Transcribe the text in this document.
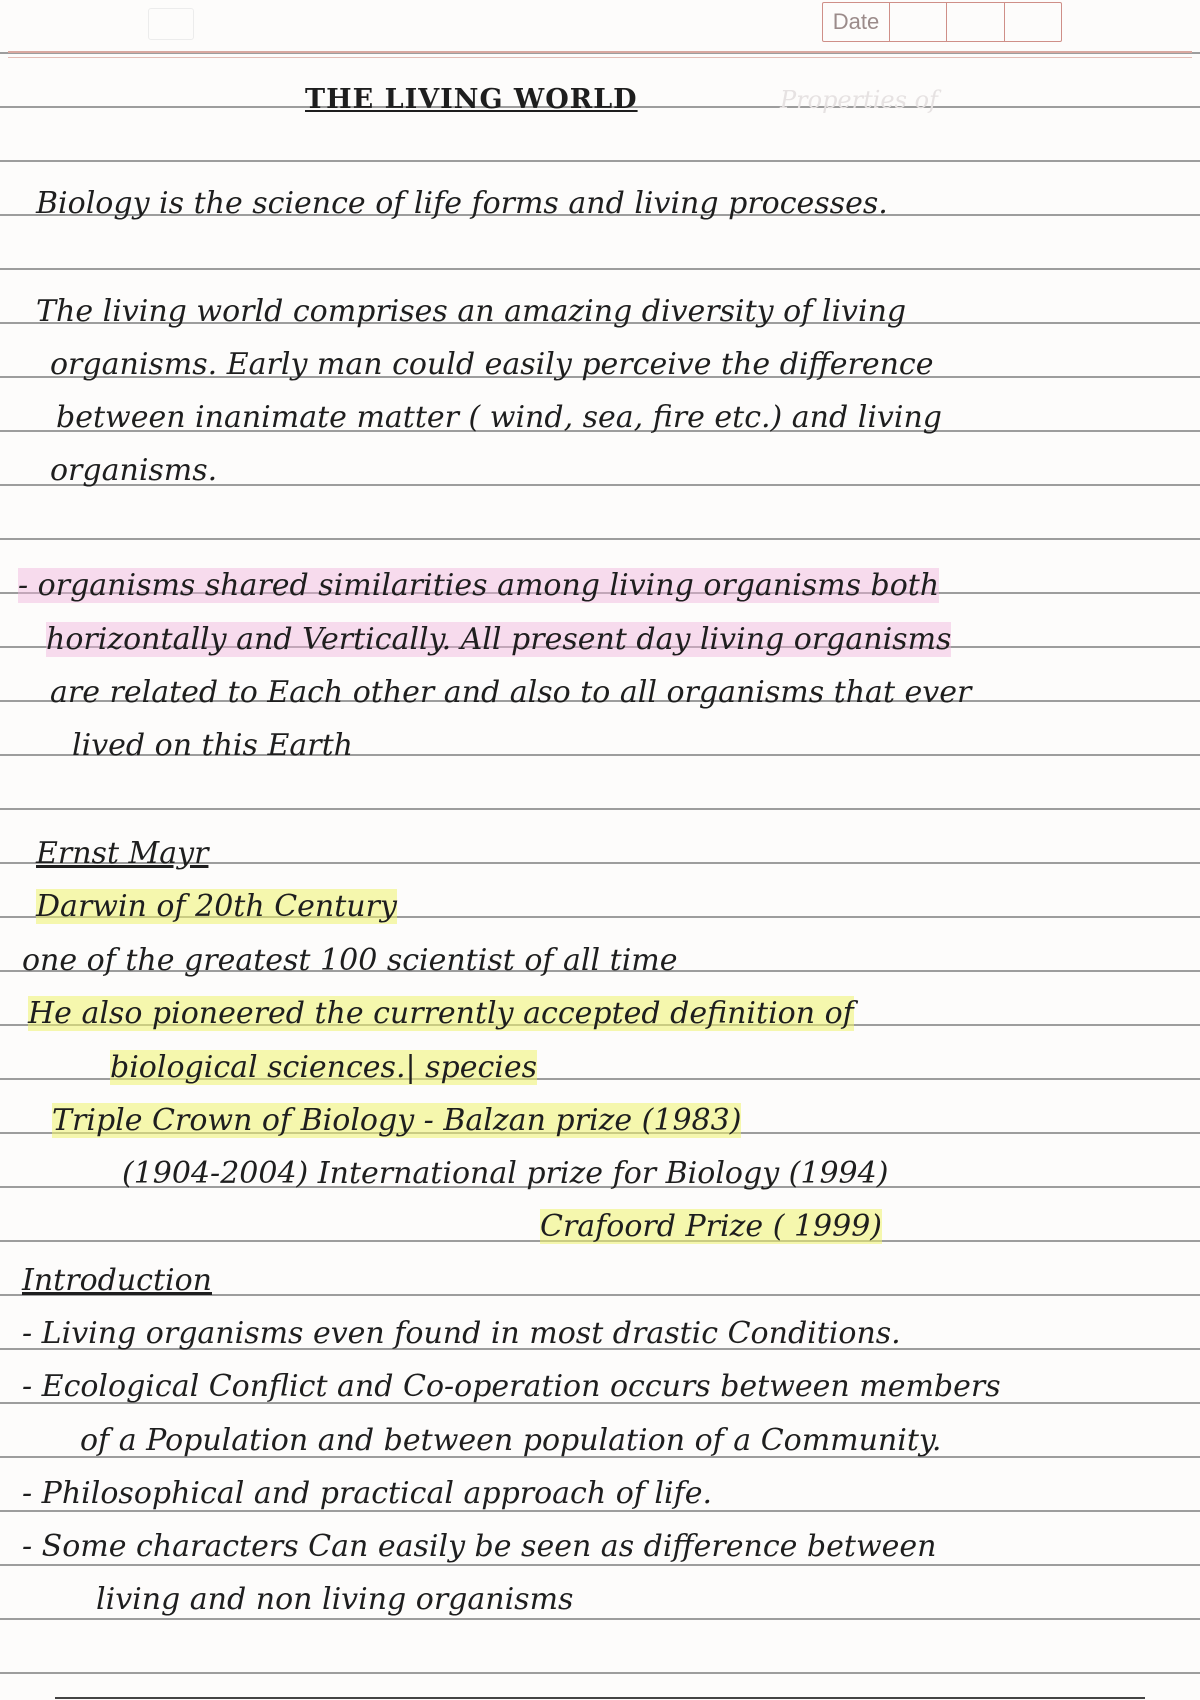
Date
Properties of
THE LIVING WORLD

Biology is the science of life forms and living processes.

The living world comprises an amazing diversity of living

organisms. Early man could easily perceive the difference

between inanimate matter ( wind, sea, fire etc.) and living

organisms.

- organisms shared similarities among living organisms both

horizontally and Vertically. All present day living organisms

are related to Each other and also to all organisms that ever

lived on this Earth

Ernst Mayr

Darwin of 20th Century

one of the greatest 100 scientist of all time

He also pioneered the currently accepted definition of

biological sciences.| species

Triple Crown of Biology - Balzan prize (1983)

(1904-2004) International prize for Biology (1994)

Crafoord Prize ( 1999)

Introduction

- Living organisms even found in most drastic Conditions.

- Ecological Conflict and Co-operation occurs between members

of a Population and between population of a Community.

- Philosophical and practical approach of life.

- Some characters Can easily be seen as difference between

living and non living organisms
